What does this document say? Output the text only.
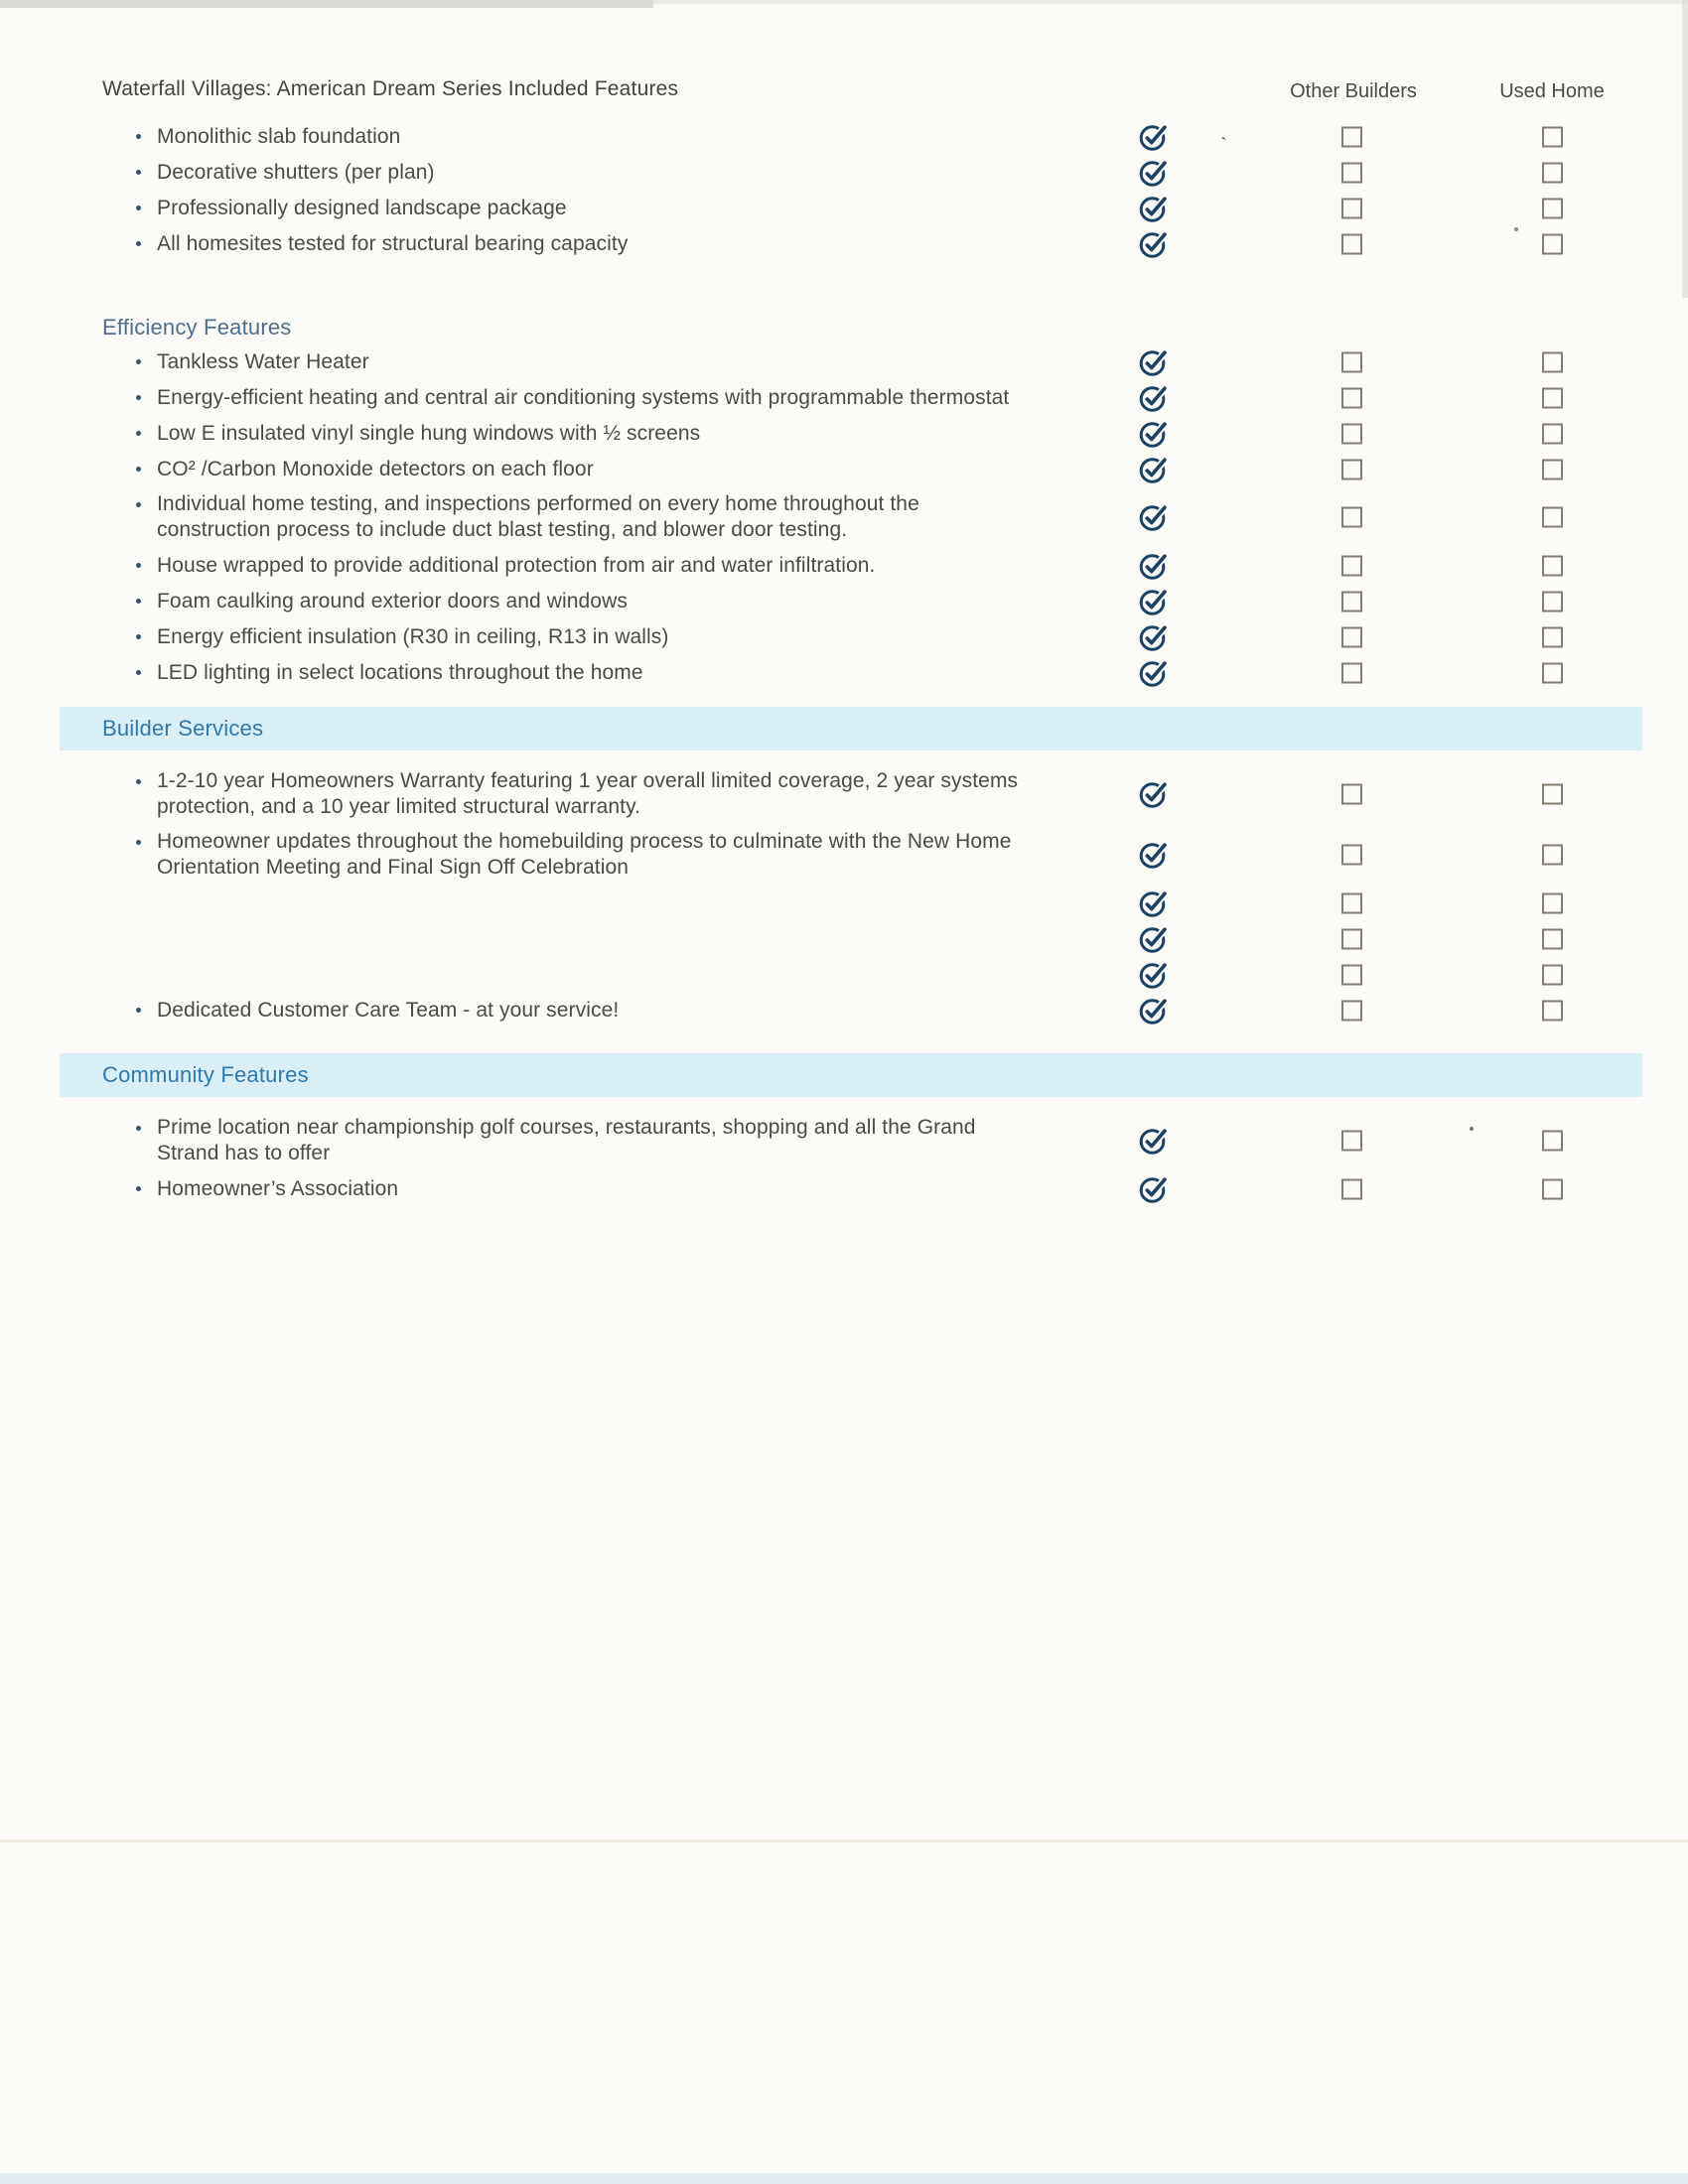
Waterfall Villages: American Dream Series Included Features	Other Builders	Used Home
Monolithic slab foundation
Decorative shutters (per plan)
Professionally designed landscape package
All homesites tested for structural bearing capacity
Efficiency Features
Tankless Water Heater
Energy-efficient heating and central air conditioning systems with programmable thermostat
Low E insulated vinyl single hung windows with ½ screens
CO² /Carbon Monoxide detectors on each floor
Individual home testing, and inspections performed on every home throughout the
construction process to include duct blast testing, and blower door testing.
House wrapped to provide additional protection from air and water infiltration.
Foam caulking around exterior doors and windows
Energy efficient insulation (R30 in ceiling, R13 in walls)
LED lighting in select locations throughout the home
Builder Services
1-2-10 year Homeowners Warranty featuring 1 year overall limited coverage, 2 year systems
protection, and a 10 year limited structural warranty.
Homeowner updates throughout the homebuilding process to culminate with the New Home
Orientation Meeting and Final Sign Off Celebration
Dedicated Customer Care Team - at your service!
Community Features
Prime location near championship golf courses, restaurants, shopping and all the Grand
Strand has to offer
Homeowner’s Association
`
